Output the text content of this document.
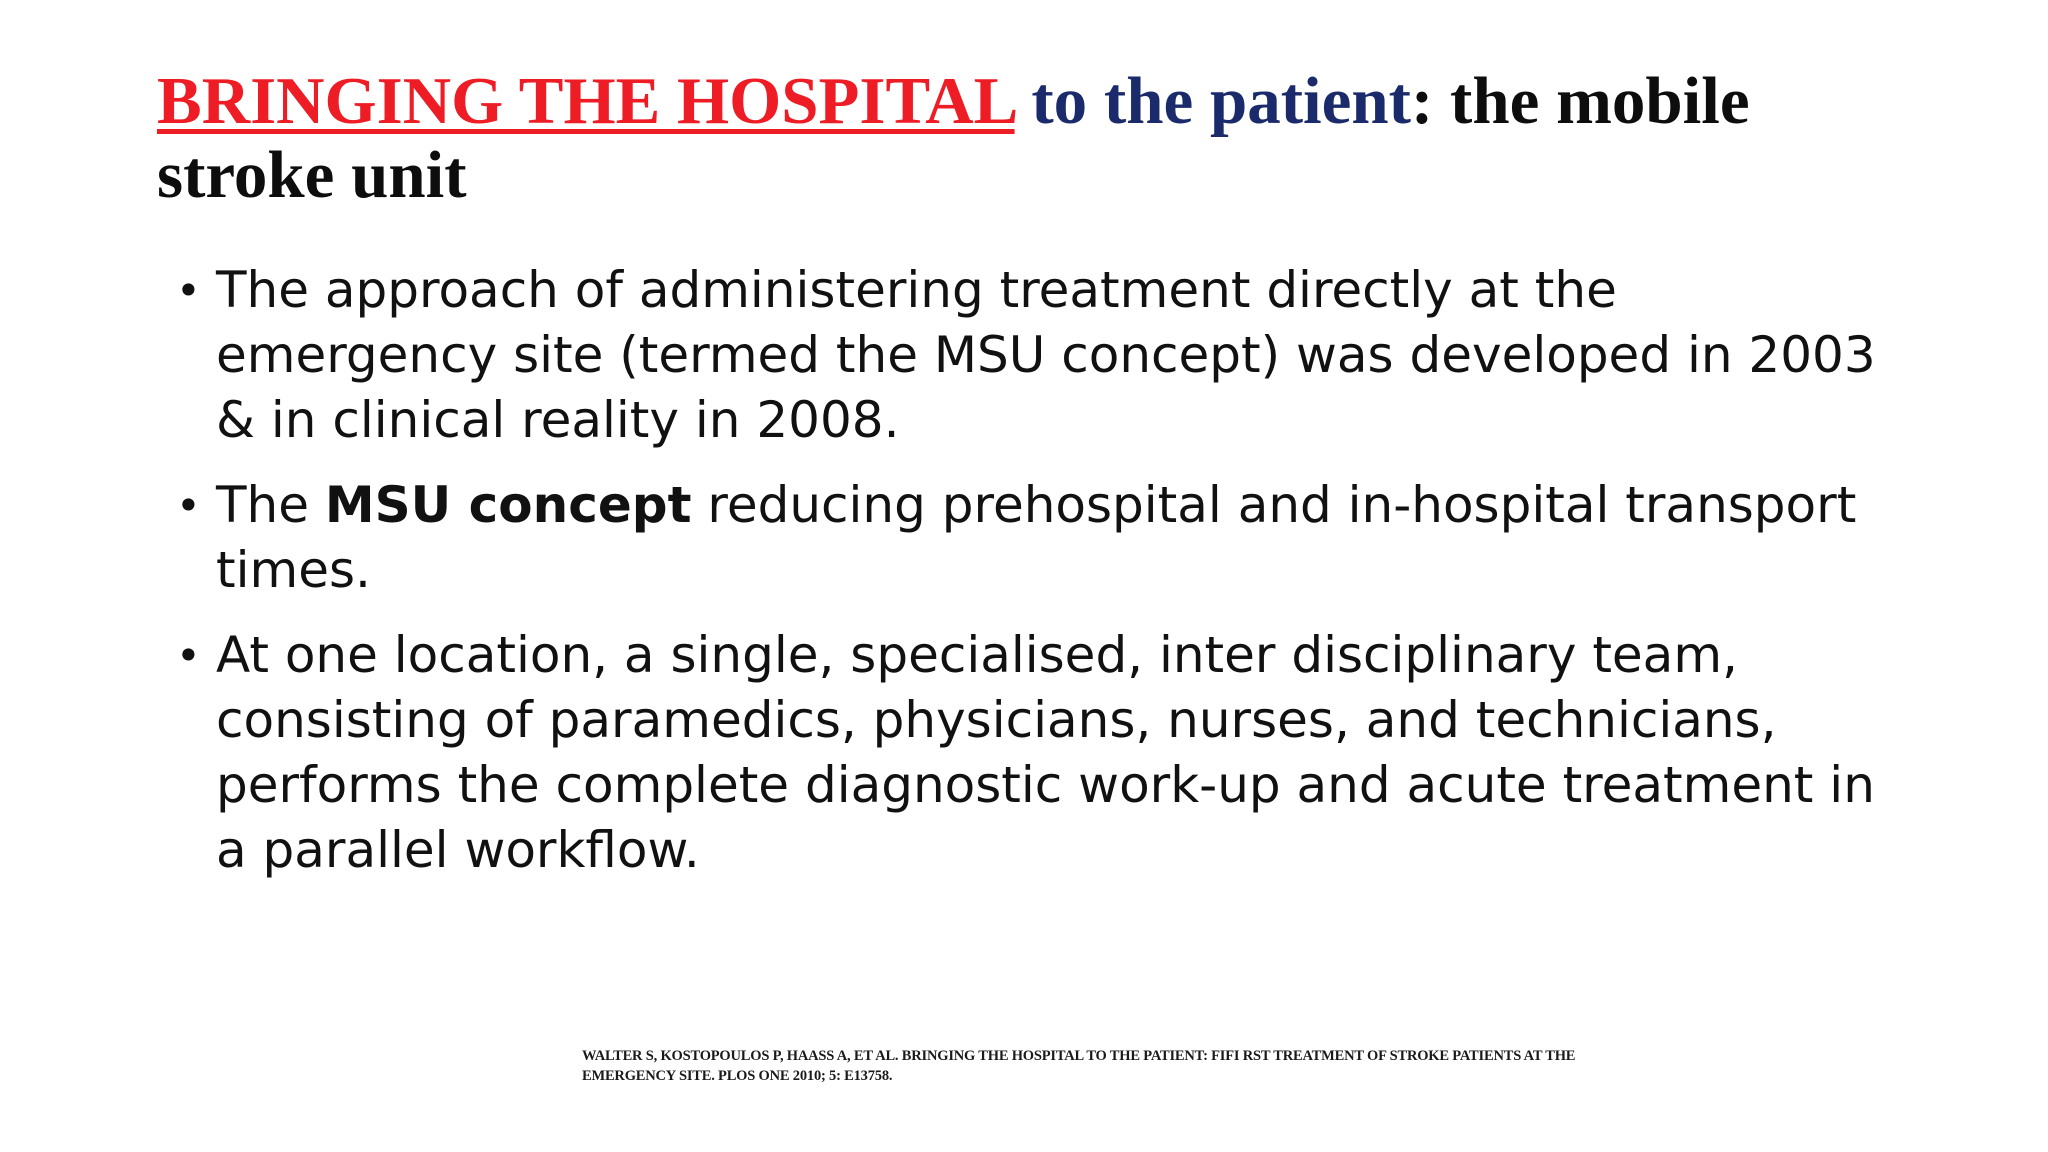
BRINGING THE HOSPITAL to the patient: the mobile stroke unit
• The approach of administering treatment directly at the emergency site (termed the MSU concept) was developed in 2003 & in clinical reality in 2008.
• The MSU concept reducing prehospital and in-hospital transport times.
• At one location, a single, specialised, inter disciplinary team, consisting of paramedics, physicians, nurses, and technicians, performs the complete diagnostic work-up and acute treatment in a parallel workflow.
WALTER S, KOSTOPOULOS P, HAASS A, ET AL. BRINGING THE HOSPITAL TO THE PATIENT: FIFI RST TREATMENT OF STROKE PATIENTS AT THE
EMERGENCY SITE. PLOS ONE 2010; 5: E13758.
